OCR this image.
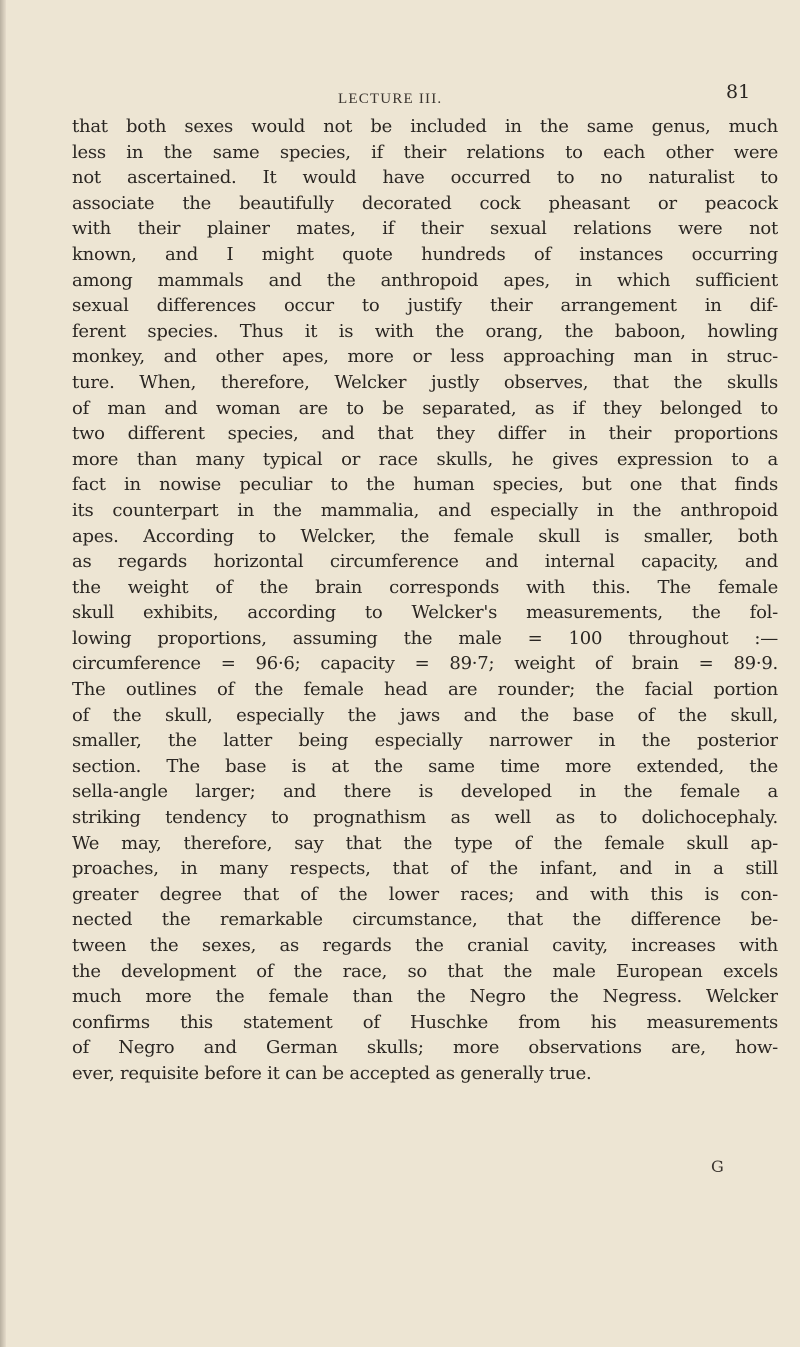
LECTURE III.	81
that both sexes would not be included in the same genus, much
less in the same species, if their relations to each other were
not ascertained. It would have occurred to no naturalist to
associate the beautifully decorated cock pheasant or peacock
with their plainer mates, if their sexual relations were not
known, and I might quote hundreds of instances occurring
among mammals and the anthropoid apes, in which sufficient
sexual differences occur to justify their arrangement in dif-
ferent species. Thus it is with the orang, the baboon, howling
monkey, and other apes, more or less approaching man in struc-
ture. When, therefore, Welcker justly observes, that the skulls
of man and woman are to be separated, as if they belonged to
two different species, and that they differ in their proportions
more than many typical or race skulls, he gives expression to a
fact in nowise peculiar to the human species, but one that finds
its counterpart in the mammalia, and especially in the anthropoid
apes. According to Welcker, the female skull is smaller, both
as regards horizontal circumference and internal capacity, and
the weight of the brain corresponds with this. The female
skull exhibits, according to Welcker's measurements, the fol-
lowing proportions, assuming the male = 100 throughout :—
circumference = 96·6; capacity = 89·7; weight of brain = 89·9.
The outlines of the female head are rounder; the facial portion
of the skull, especially the jaws and the base of the skull,
smaller, the latter being especially narrower in the posterior
section. The base is at the same time more extended, the
sella-angle larger; and there is developed in the female a
striking tendency to prognathism as well as to dolichocephaly.
We may, therefore, say that the type of the female skull ap-
proaches, in many respects, that of the infant, and in a still
greater degree that of the lower races; and with this is con-
nected the remarkable circumstance, that the difference be-
tween the sexes, as regards the cranial cavity, increases with
the development of the race, so that the male European excels
much more the female than the Negro the Negress. Welcker
confirms this statement of Huschke from his measurements
of Negro and German skulls; more observations are, how-
ever, requisite before it can be accepted as generally true.
G
